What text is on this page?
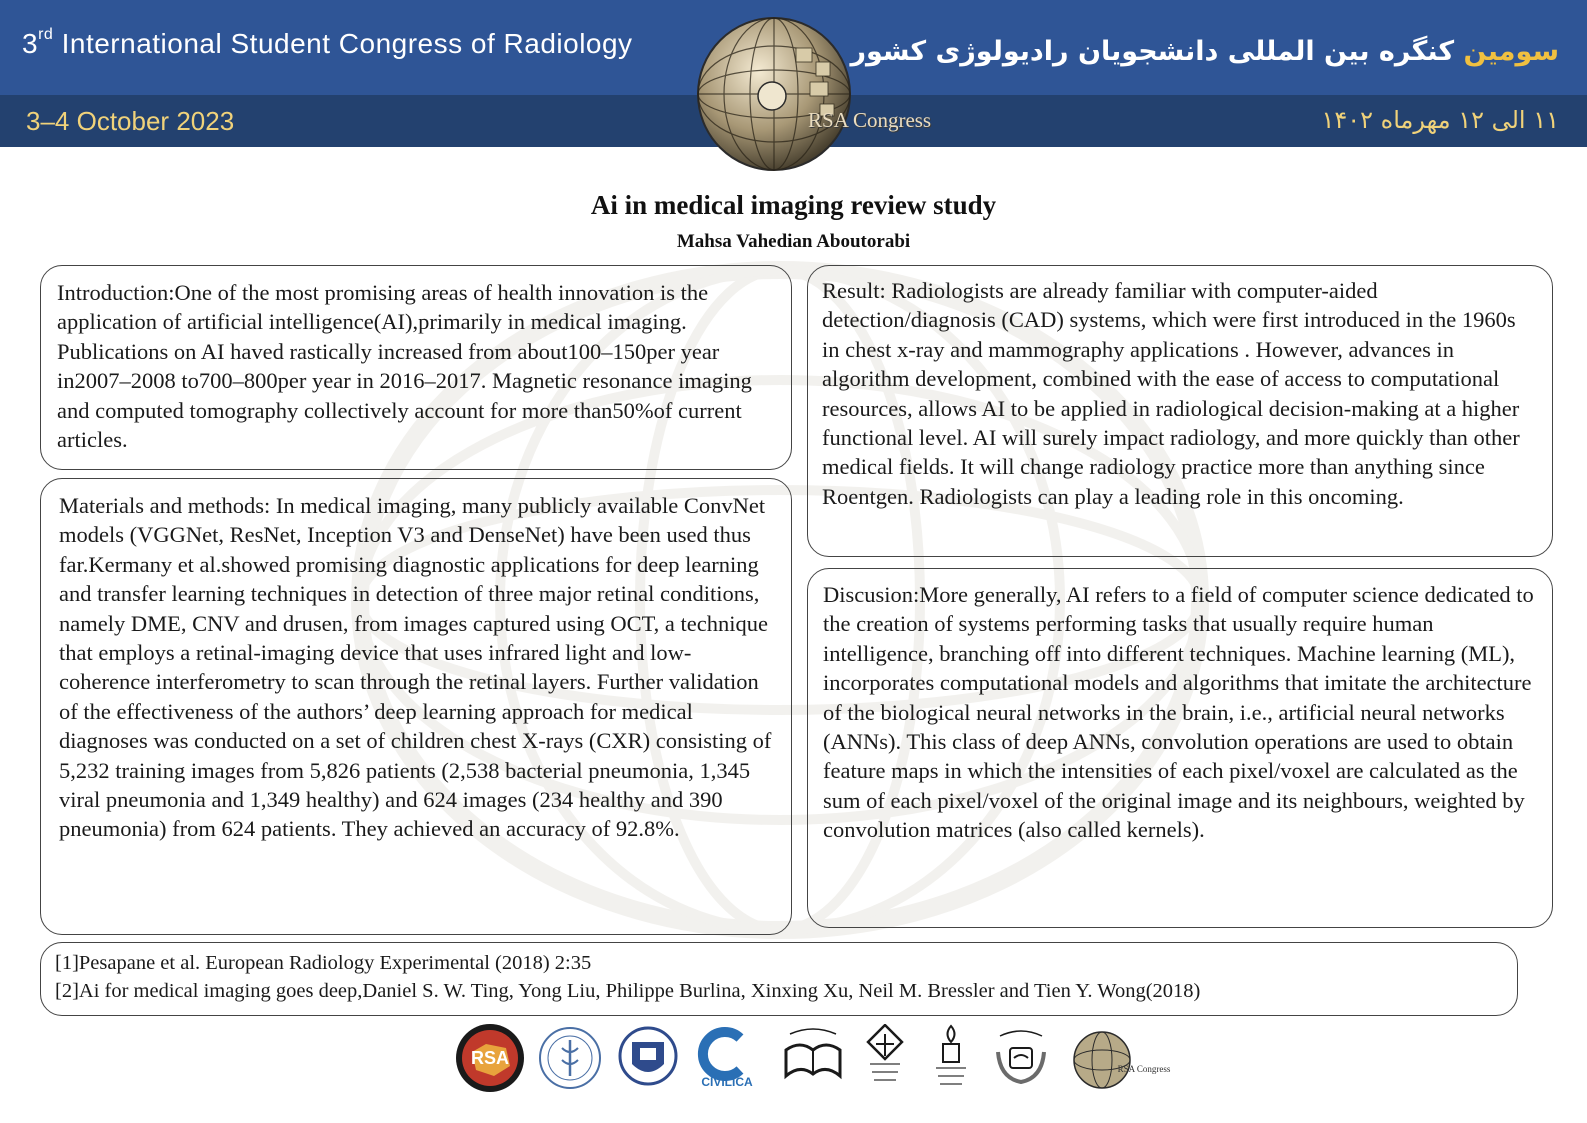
3rd International Student Congress of Radiology
3–4 October 2023
سومین کنگره بین المللی دانشجویان رادیولوژی کشور
۱۱ الی ۱۲ مهرماه ۱۴۰۲
RSA Congress
Ai in medical imaging review study
Mahsa Vahedian Aboutorabi

Introduction:One of the most promising areas of health innovation is the application of artificial intelligence(AI),primarily in medical imaging. Publications on AI haved rastically increased from about100–150per year in2007–2008 to700–800per year in 2016–2017. Magnetic resonance imaging and computed tomography collectively account for more than50%of current articles.

Materials and methods: In medical imaging, many publicly available ConvNet models (VGGNet, ResNet, Inception V3 and DenseNet) have been used thus far.Kermany et al.showed promising diagnostic applications for deep learning and transfer learning techniques in detection of three major retinal conditions, namely DME, CNV and drusen, from images captured using OCT, a technique that employs a retinal-imaging device that uses infrared light and low-coherence interferometry to scan through the retinal layers. Further validation of the effectiveness of the authors’ deep learning approach for medical diagnoses was conducted on a set of children chest X-rays (CXR) consisting of 5,232 training images from 5,826 patients (2,538 bacterial pneumonia, 1,345 viral pneumonia and 1,349 healthy) and 624 images (234 healthy and 390 pneumonia) from 624 patients. They achieved an accuracy of 92.8%.

Result: Radiologists are already familiar with computer-aided detection/diagnosis (CAD) systems, which were first introduced in the 1960s in chest x-ray and mammography applications . However, advances in algorithm development, combined with the ease of access to computational resources, allows AI to be applied in radiological decision-making at a higher functional level. AI will surely impact radiology, and more quickly than other medical fields. It will change radiology practice more than anything since Roentgen. Radiologists can play a leading role in this oncoming.

Discusion:More generally, AI refers to a field of computer science dedicated to the creation of systems performing tasks that usually require human intelligence, branching off into different techniques. Machine learning (ML), incorporates computational models and algorithms that imitate the architecture of the biological neural networks in the brain, i.e., artificial neural networks (ANNs). This class of deep ANNs, convolution operations are used to obtain feature maps in which the intensities of each pixel/voxel are calculated as the sum of each pixel/voxel of the original image and its neighbours, weighted by convolution matrices (also called kernels).

[1]Pesapane et al. European Radiology Experimental (2018) 2:35

[2]Ai for medical imaging goes deep,Daniel S. W. Ting, Yong Liu, Philippe Burlina, Xinxing Xu, Neil M. Bressler and Tien Y. Wong(2018)

RSA
CIVILICA
RSA Congress
